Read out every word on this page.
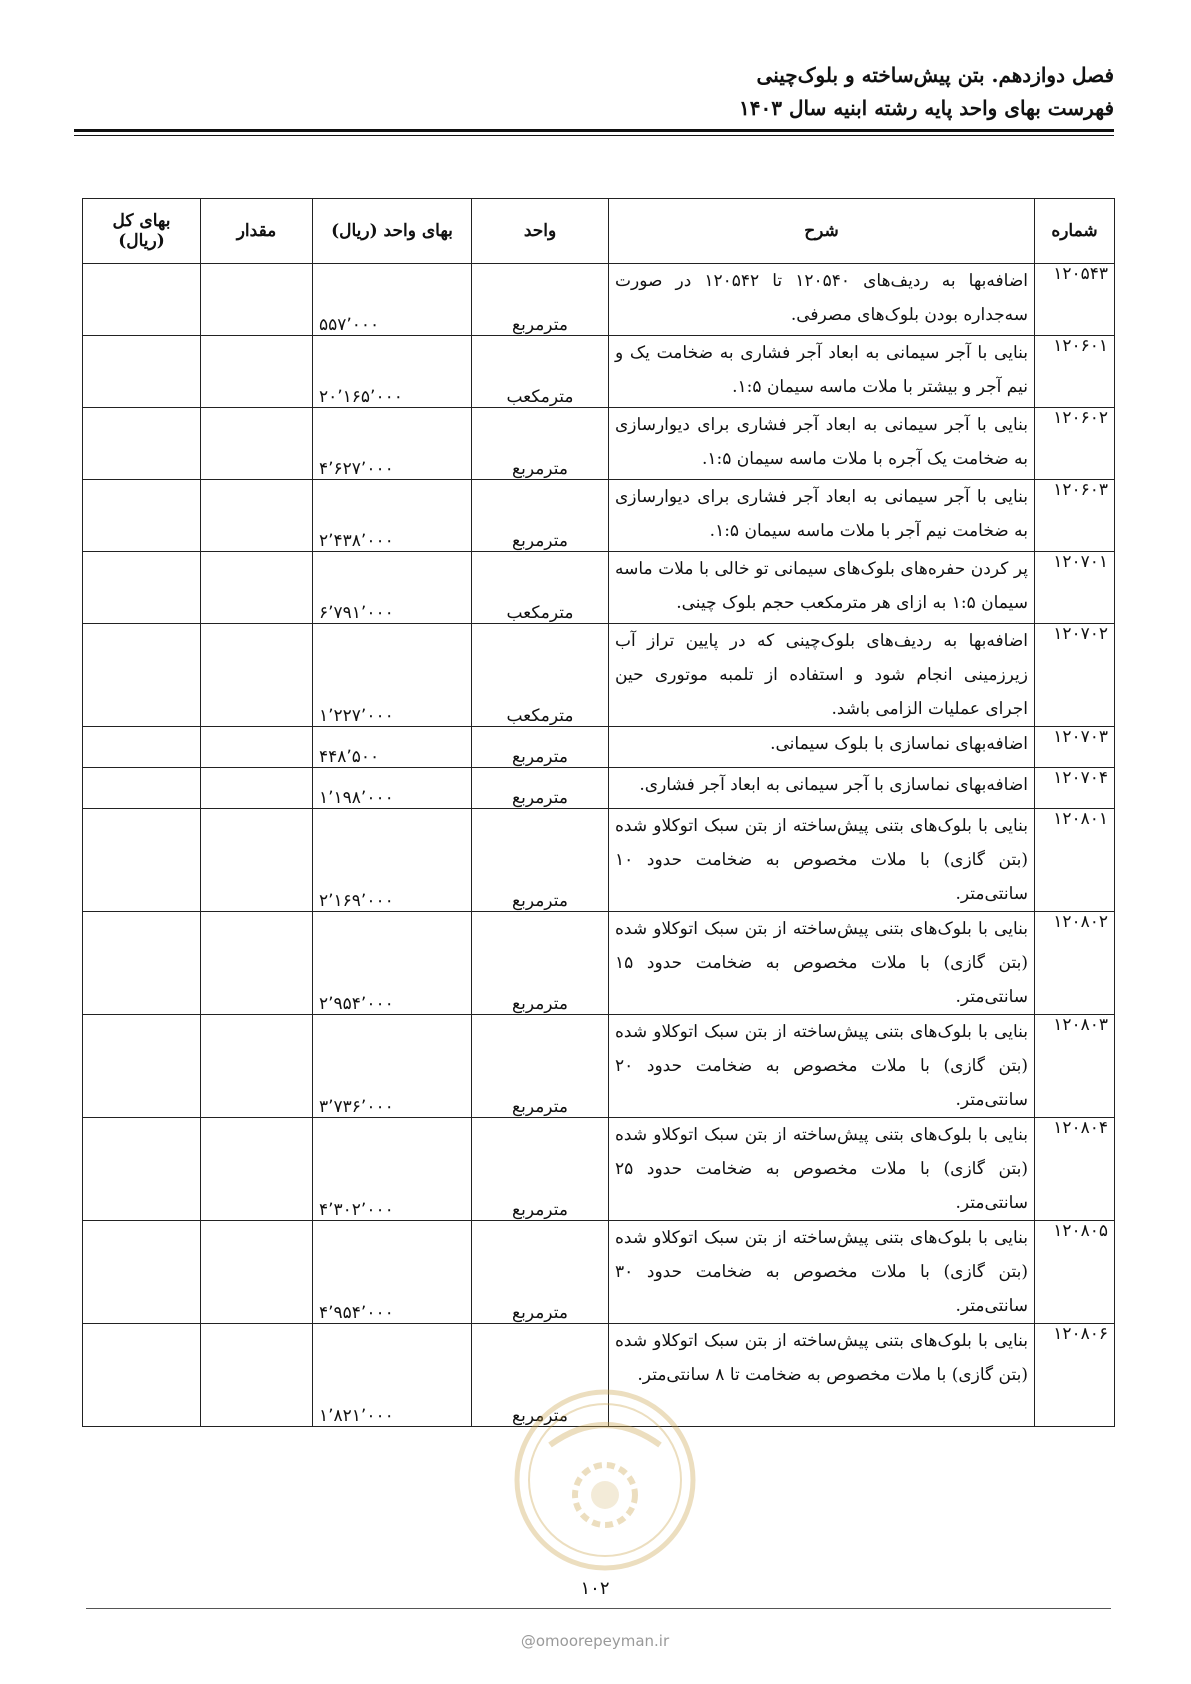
فصل دوازدهم. بتن پیش‌ساخته و بلوک‌چینی
فهرست بهای واحد پایه رشته ابنیه سال ۱۴۰۳
شماره	شرح	واحد	بهای واحد (ریال)	مقدار	بهای کل (ریال)
۱۲۰۵۴۳	اضافه‌بها به ردیف‌های ۱۲۰۵۴۰ تا ۱۲۰۵۴۲ در صورت سه‌جداره بودن بلوک‌های مصرفی.	مترمربع	۵۵۷٬۰۰۰		
۱۲۰۶۰۱	بنایی با آجر سیمانی به ابعاد آجر فشاری به ضخامت یک و نیم آجر و بیشتر با ملات ماسه سیمان ۱:۵.	مترمکعب	۲۰٬۱۶۵٬۰۰۰		
۱۲۰۶۰۲	بنایی با آجر سیمانی به ابعاد آجر فشاری برای دیوارسازی به ضخامت یک آجره با ملات ماسه سیمان ۱:۵.	مترمربع	۴٬۶۲۷٬۰۰۰		
۱۲۰۶۰۳	بنایی با آجر سیمانی به ابعاد آجر فشاری برای دیوارسازی به ضخامت نیم آجر با ملات ماسه سیمان ۱:۵.	مترمربع	۲٬۴۳۸٬۰۰۰		
۱۲۰۷۰۱	پر کردن حفره‌های بلوک‌های سیمانی تو خالی با ملات ماسه سیمان ۱:۵ به ازای هر مترمکعب حجم بلوک چینی.	مترمکعب	۶٬۷۹۱٬۰۰۰		
۱۲۰۷۰۲	اضافه‌بها به ردیف‌های بلوک‌چینی که در پایین تراز آب زیرزمینی انجام شود و استفاده از تلمبه موتوری حین اجرای عملیات الزامی باشد.	مترمکعب	۱٬۲۲۷٬۰۰۰		
۱۲۰۷۰۳	اضافه‌بهای نماسازی با بلوک سیمانی.	مترمربع	۴۴۸٬۵۰۰		
۱۲۰۷۰۴	اضافه‌بهای نماسازی با آجر سیمانی به ابعاد آجر فشاری.	مترمربع	۱٬۱۹۸٬۰۰۰		
۱۲۰۸۰۱	بنایی با بلوک‌های بتنی پیش‌ساخته از بتن سبک اتوکلاو شده (بتن گازی) با ملات مخصوص به ضخامت حدود ۱۰ سانتی‌متر.	مترمربع	۲٬۱۶۹٬۰۰۰		
۱۲۰۸۰۲	بنایی با بلوک‌های بتنی پیش‌ساخته از بتن سبک اتوکلاو شده (بتن گازی) با ملات مخصوص به ضخامت حدود ۱۵ سانتی‌متر.	مترمربع	۲٬۹۵۴٬۰۰۰		
۱۲۰۸۰۳	بنایی با بلوک‌های بتنی پیش‌ساخته از بتن سبک اتوکلاو شده (بتن گازی) با ملات مخصوص به ضخامت حدود ۲۰ سانتی‌متر.	مترمربع	۳٬۷۳۶٬۰۰۰		
۱۲۰۸۰۴	بنایی با بلوک‌های بتنی پیش‌ساخته از بتن سبک اتوکلاو شده (بتن گازی) با ملات مخصوص به ضخامت حدود ۲۵ سانتی‌متر.	مترمربع	۴٬۳۰۲٬۰۰۰		
۱۲۰۸۰۵	بنایی با بلوک‌های بتنی پیش‌ساخته از بتن سبک اتوکلاو شده (بتن گازی) با ملات مخصوص به ضخامت حدود ۳۰ سانتی‌متر.	مترمربع	۴٬۹۵۴٬۰۰۰		
۱۲۰۸۰۶	بنایی با بلوک‌های بتنی پیش‌ساخته از بتن سبک اتوکلاو شده (بتن گازی) با ملات مخصوص به ضخامت تا ۸ سانتی‌متر.	مترمربع	۱٬۸۲۱٬۰۰۰		
۱۰۲
@omoorepeyman.ir
